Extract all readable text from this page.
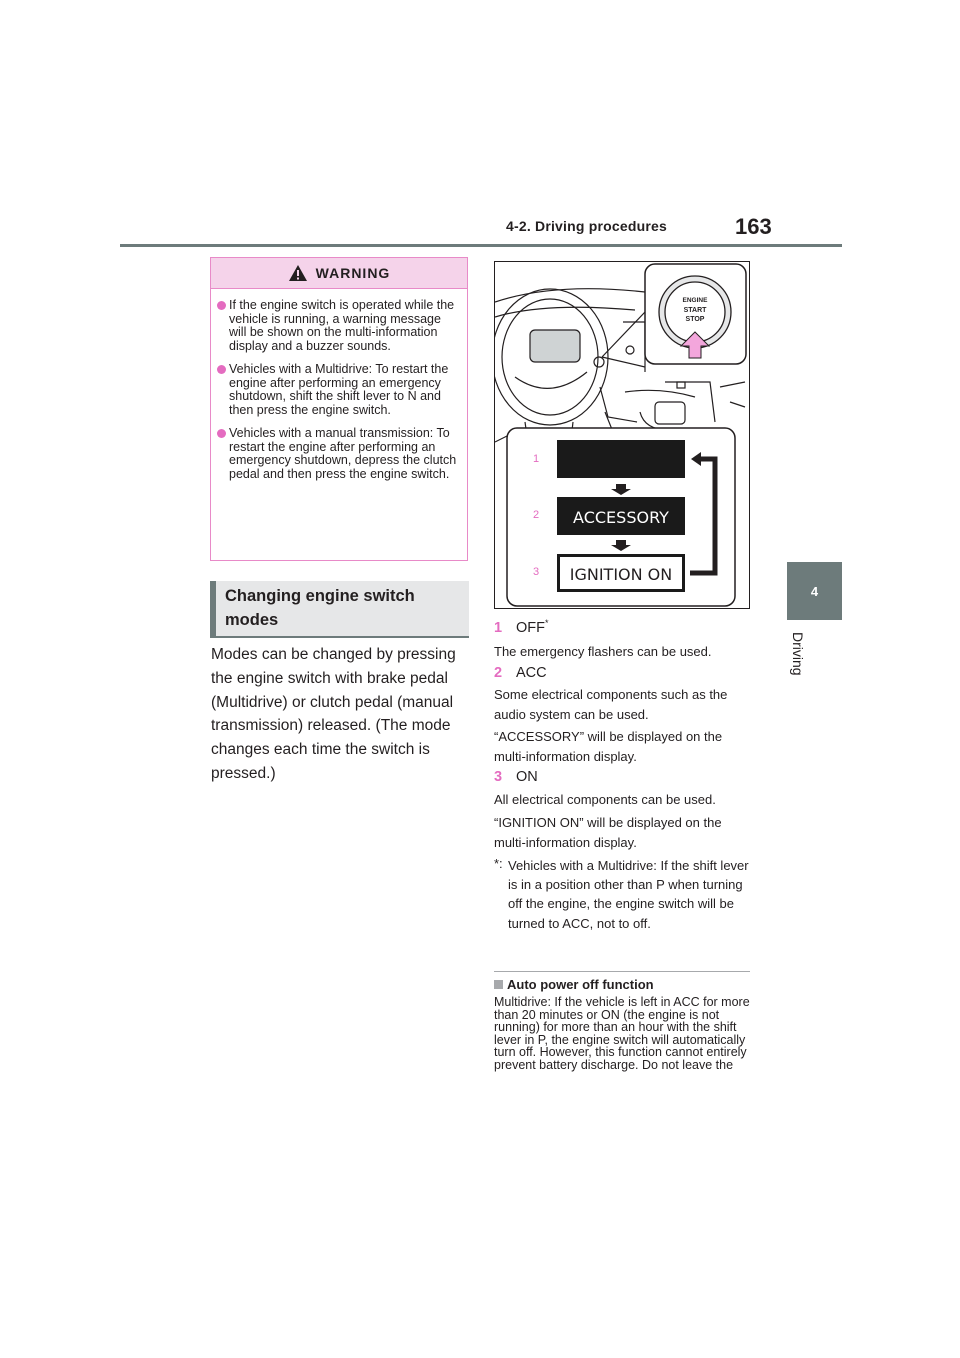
4-2. Driving procedures	163
4
Driving
WARNING
If the engine switch is operated while the vehicle is running, a warning message will be shown on the multi-information display and a buzzer sounds.
Vehicles with a Multidrive: To restart the engine after performing an emergency shutdown, shift the shift lever to N and then press the engine switch.
Vehicles with a manual transmission: To restart the engine after performing an emergency shutdown, depress the clutch pedal and then press the engine switch.
Changing engine switch
modes
Modes can be changed by pressing the engine switch with brake pedal (Multidrive) or clutch pedal (manual transmission) released. (The mode changes each time the switch is pressed.)
ENGINE
START
STOP
1
2
3
ACCESSORY
IGNITION ON
1 OFF*
The emergency flashers can be used.
2 ACC
Some electrical components such as the audio system can be used.
“ACCESSORY” will be displayed on the multi-information display.
3 ON
All electrical components can be used.
“IGNITION ON” will be displayed on the multi-information display.
*: Vehicles with a Multidrive: If the shift lever is in a position other than P when turning off the engine, the engine switch will be turned to ACC, not to off.
Auto power off function
Multidrive: If the vehicle is left in ACC for more than 20 minutes or ON (the engine is not running) for more than an hour with the shift lever in P, the engine switch will automatically turn off. However, this function cannot entirely prevent battery discharge. Do not leave the
